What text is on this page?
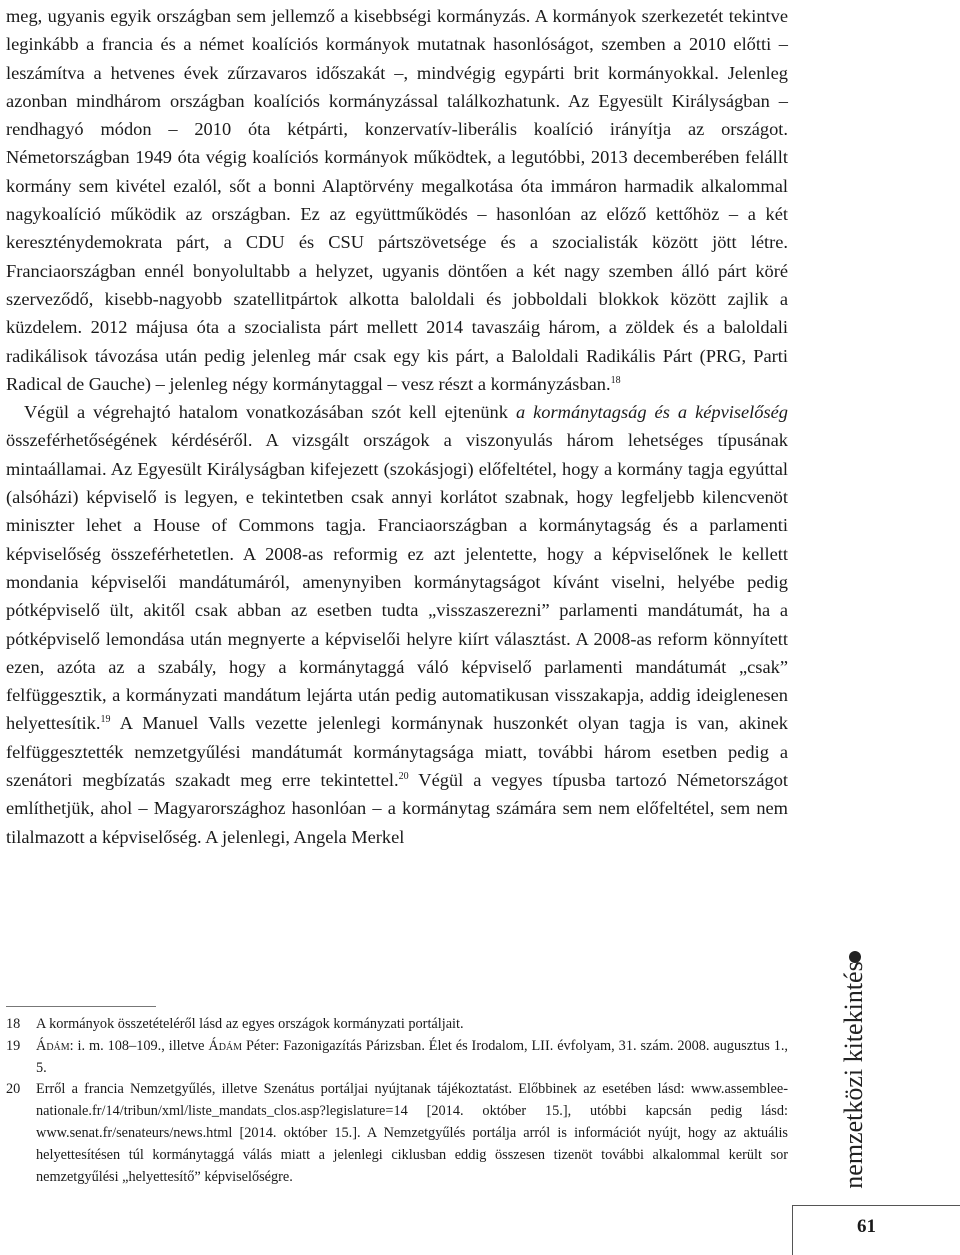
meg, ugyanis egyik országban sem jellemző a kisebbségi kormányzás. A kormányok szerkezetét tekintve leginkább a francia és a német koalíciós kormányok mutatnak hasonlóságot, szemben a 2010 előtti – leszámítva a hetvenes évek zűrzavaros időszakát –, mindvégig egypárti brit kormányokkal. Jelenleg azonban mindhárom országban koalíciós kormányzással találkozhatunk. Az Egyesült Királyságban – rendhagyó módon – 2010 óta kétpárti, konzervatív-liberális koalíció irányítja az országot. Németországban 1949 óta végig koalíciós kormányok működtek, a legutóbbi, 2013 decemberében felállt kormány sem kivétel ezalól, sőt a bonni Alaptörvény megalkotása óta immáron harmadik alkalommal nagykoalíció működik az országban. Ez az együttműködés – hasonlóan az előző kettőhöz – a két kereszténydemokrata párt, a CDU és CSU pártszövetsége és a szocialisták között jött létre. Franciaországban ennél bonyolultabb a helyzet, ugyanis döntően a két nagy szemben álló párt köré szerveződő, kisebb-nagyobb szatellitpártok alkotta baloldali és jobboldali blokkok között zajlik a küzdelem. 2012 májusa óta a szocialista párt mellett 2014 tavaszáig három, a zöldek és a baloldali radikálisok távozása után pedig jelenleg már csak egy kis párt, a Baloldali Radikális Párt (PRG, Parti Radical de Gauche) – jelenleg négy kormánytaggal – vesz részt a kormányzásban.$^{18}$

Végül a végrehajtó hatalom vonatkozásában szót kell ejtenünk a kormánytagság és a képviselőség összeférhetőségének kérdéséről. A vizsgált országok a viszonyulás három lehetséges típusának mintaállamai. Az Egyesült Királyságban kifejezett (szokásjogi) előfeltétel, hogy a kormány tagja egyúttal (alsóházi) képviselő is legyen, e tekintetben csak annyi korlátot szabnak, hogy legfeljebb kilencvenöt miniszter lehet a House of Commons tagja. Franciaországban a kormánytagság és a parlamenti képviselőség összeférhetetlen. A 2008-as reformig ez azt jelentette, hogy a képviselőnek le kellett mondania képviselői mandátumáról, amenynyiben kormánytagságot kívánt viselni, helyébe pedig pótképviselő ült, akitől csak abban az esetben tudta „visszaszerezni” parlamenti mandátumát, ha a pótképviselő lemondása után megnyerte a képviselői helyre kiírt választást. A 2008-as reform könnyített ezen, azóta az a szabály, hogy a kormánytaggá váló képviselő parlamenti mandátumát „csak” felfüggesztik, a kormányzati mandátum lejárta után pedig automatikusan visszakapja, addig ideiglenesen helyettesítik.$^{19}$ A Manuel Valls vezette jelenlegi kormánynak huszonkét olyan tagja is van, akinek felfüggesztették nemzetgyűlési mandátumát kormánytagsága miatt, további három esetben pedig a szenátori megbízatás szakadt meg erre tekintettel.$^{20}$ Végül a vegyes típusba tartozó Németországot említhetjük, ahol – Magyarországhoz hasonlóan – a kormánytag számára sem nem előfeltétel, sem nem tilalmazott a képviselőség. A jelenlegi, Angela Merkel

18	A kormányok összetételéről lásd az egyes országok kormányzati portáljait.
19	Ádám: i. m. 108–109., illetve Ádám Péter: Fazonigazítás Párizsban. Élet és Irodalom, LII. évfolyam, 31. szám. 2008. augusztus 1., 5.
20	Erről a francia Nemzetgyűlés, illetve Szenátus portáljai nyújtanak tájékoztatást. Előbbinek az esetében lásd: www.assemblee-nationale.fr/14/tribun/xml/liste_mandats_clos.asp?legislature=14 [2014. október 15.], utóbbi kapcsán pedig lásd: www.senat.fr/senateurs/news.html [2014. október 15.]. A Nemzetgyűlés portálja arról is információt nyújt, hogy az aktuális helyettesítésen túl kormánytaggá válás miatt a jelenlegi ciklusban eddig összesen tizenöt további alkalommal került sor nemzetgyűlési „helyettesítő” képviselőségre.	nemzetközi kitekintés
61
